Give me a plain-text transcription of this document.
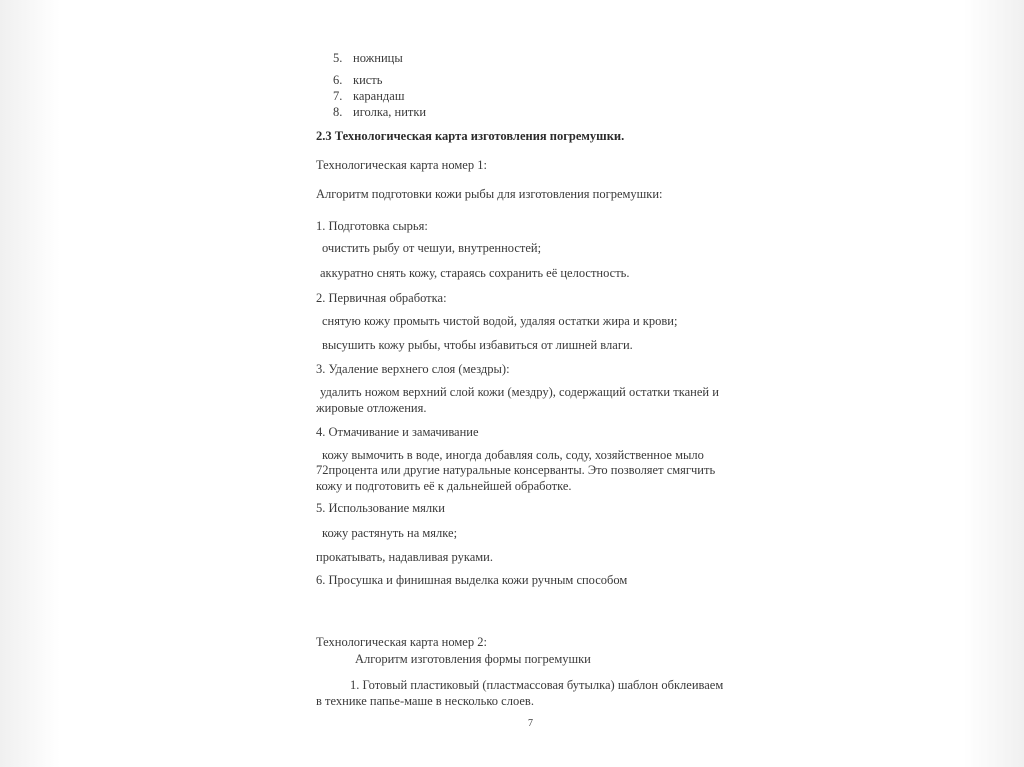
5. ножницы
6. кисть
7. карандаш
8. иголка, нитки
2.3 Технологическая карта изготовления погремушки.
Технологическая карта номер 1:
Алгоритм подготовки кожи рыбы для изготовления погремушки:
1. Подготовка сырья:
очистить рыбу от чешуи, внутренностей;
аккуратно снять кожу, стараясь сохранить её целостность.
2. Первичная обработка:
снятую кожу промыть чистой водой, удаляя остатки жира и крови;
высушить кожу рыбы, чтобы избавиться от лишней влаги.
3. Удаление верхнего слоя (мездры):
удалить ножом верхний слой кожи (мездру), содержащий остатки тканей и
жировые отложения.
4. Отмачивание и замачивание
кожу вымочить в воде, иногда добавляя соль, соду, хозяйственное мыло
72процента или другие натуральные консерванты. Это позволяет смягчить
кожу и подготовить её к дальнейшей обработке.
5. Использование мялки
кожу растянуть на мялке;
прокатывать, надавливая руками.
6. Просушка и финишная выделка кожи ручным способом
Технологическая карта номер 2:
Алгоритм изготовления формы погремушки
1. Готовый пластиковый (пластмассовая бутылка) шаблон обклеиваем
в технике папье-маше в несколько слоев.
7
